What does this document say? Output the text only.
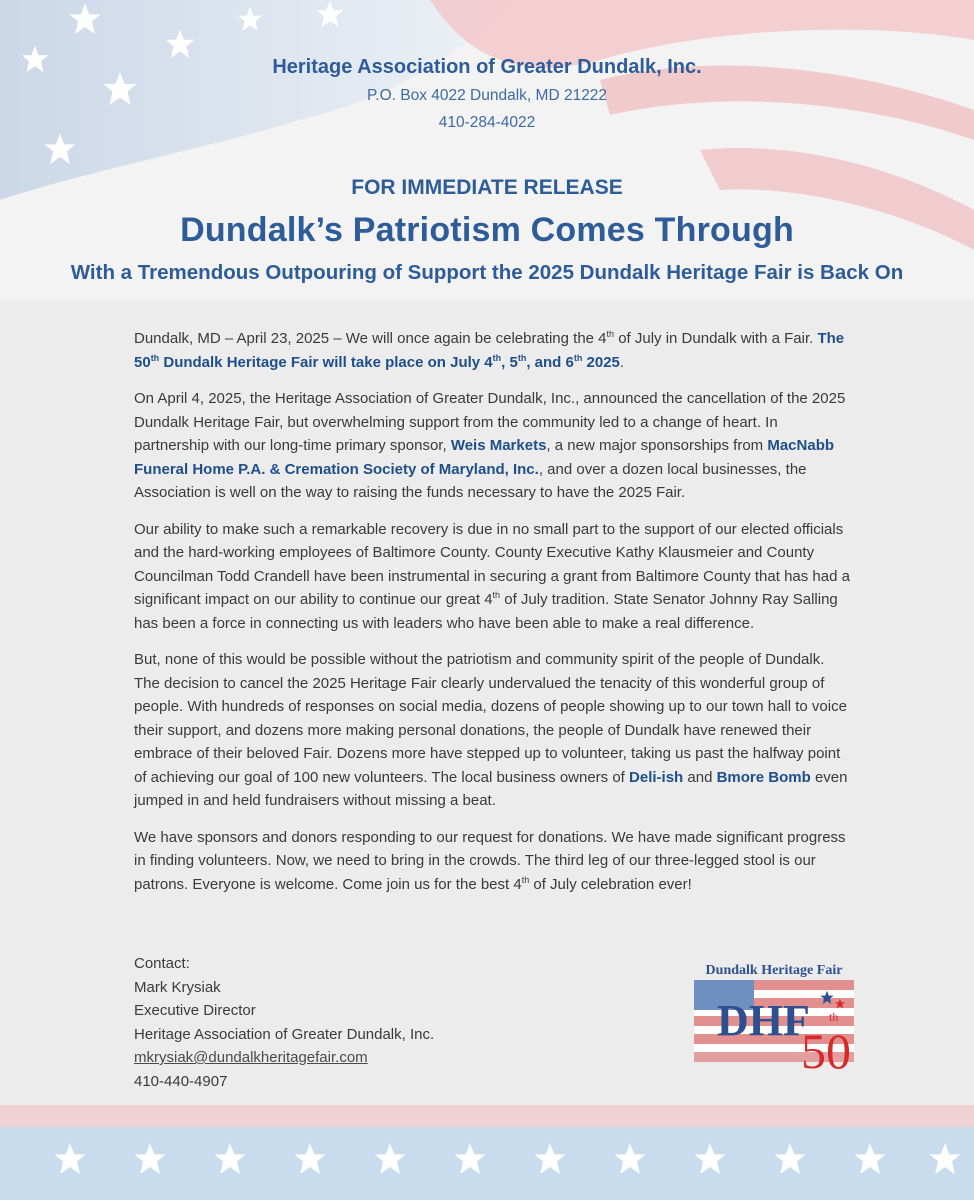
Heritage Association of Greater Dundalk, Inc.
P.O. Box 4022 Dundalk, MD 21222
410-284-4022
FOR IMMEDIATE RELEASE
Dundalk’s Patriotism Comes Through
With a Tremendous Outpouring of Support the 2025 Dundalk Heritage Fair is Back On

Dundalk, MD – April 23, 2025 – We will once again be celebrating the 4th of July in Dundalk with a Fair. The 50th Dundalk Heritage Fair will take place on July 4th, 5th, and 6th 2025.

On April 4, 2025, the Heritage Association of Greater Dundalk, Inc., announced the cancellation of the 2025 Dundalk Heritage Fair, but overwhelming support from the community led to a change of heart. In partnership with our long-time primary sponsor, Weis Markets, a new major sponsorships from MacNabb Funeral Home P.A. & Cremation Society of Maryland, Inc., and over a dozen local businesses, the Association is well on the way to raising the funds necessary to have the 2025 Fair.

Our ability to make such a remarkable recovery is due in no small part to the support of our elected officials and the hard-working employees of Baltimore County. County Executive Kathy Klausmeier and County Councilman Todd Crandell have been instrumental in securing a grant from Baltimore County that has had a significant impact on our ability to continue our great 4th of July tradition. State Senator Johnny Ray Salling has been a force in connecting us with leaders who have been able to make a real difference.

But, none of this would be possible without the patriotism and community spirit of the people of Dundalk. The decision to cancel the 2025 Heritage Fair clearly undervalued the tenacity of this wonderful group of people. With hundreds of responses on social media, dozens of people showing up to our town hall to voice their support, and dozens more making personal donations, the people of Dundalk have renewed their embrace of their beloved Fair. Dozens more have stepped up to volunteer, taking us past the halfway point of achieving our goal of 100 new volunteers. The local business owners of Deli-ish and Bmore Bomb even jumped in and held fundraisers without missing a beat.

We have sponsors and donors responding to our request for donations. We have made significant progress in finding volunteers. Now, we need to bring in the crowds. The third leg of our three-legged stool is our patrons. Everyone is welcome. Come join us for the best 4th of July celebration ever!

Contact:
Mark Krysiak
Executive Director
Heritage Association of Greater Dundalk, Inc.
mkrysiak@dundalkheritagefair.com
410-440-4907
Dundalk Heritage Fair
DHF
50
th
